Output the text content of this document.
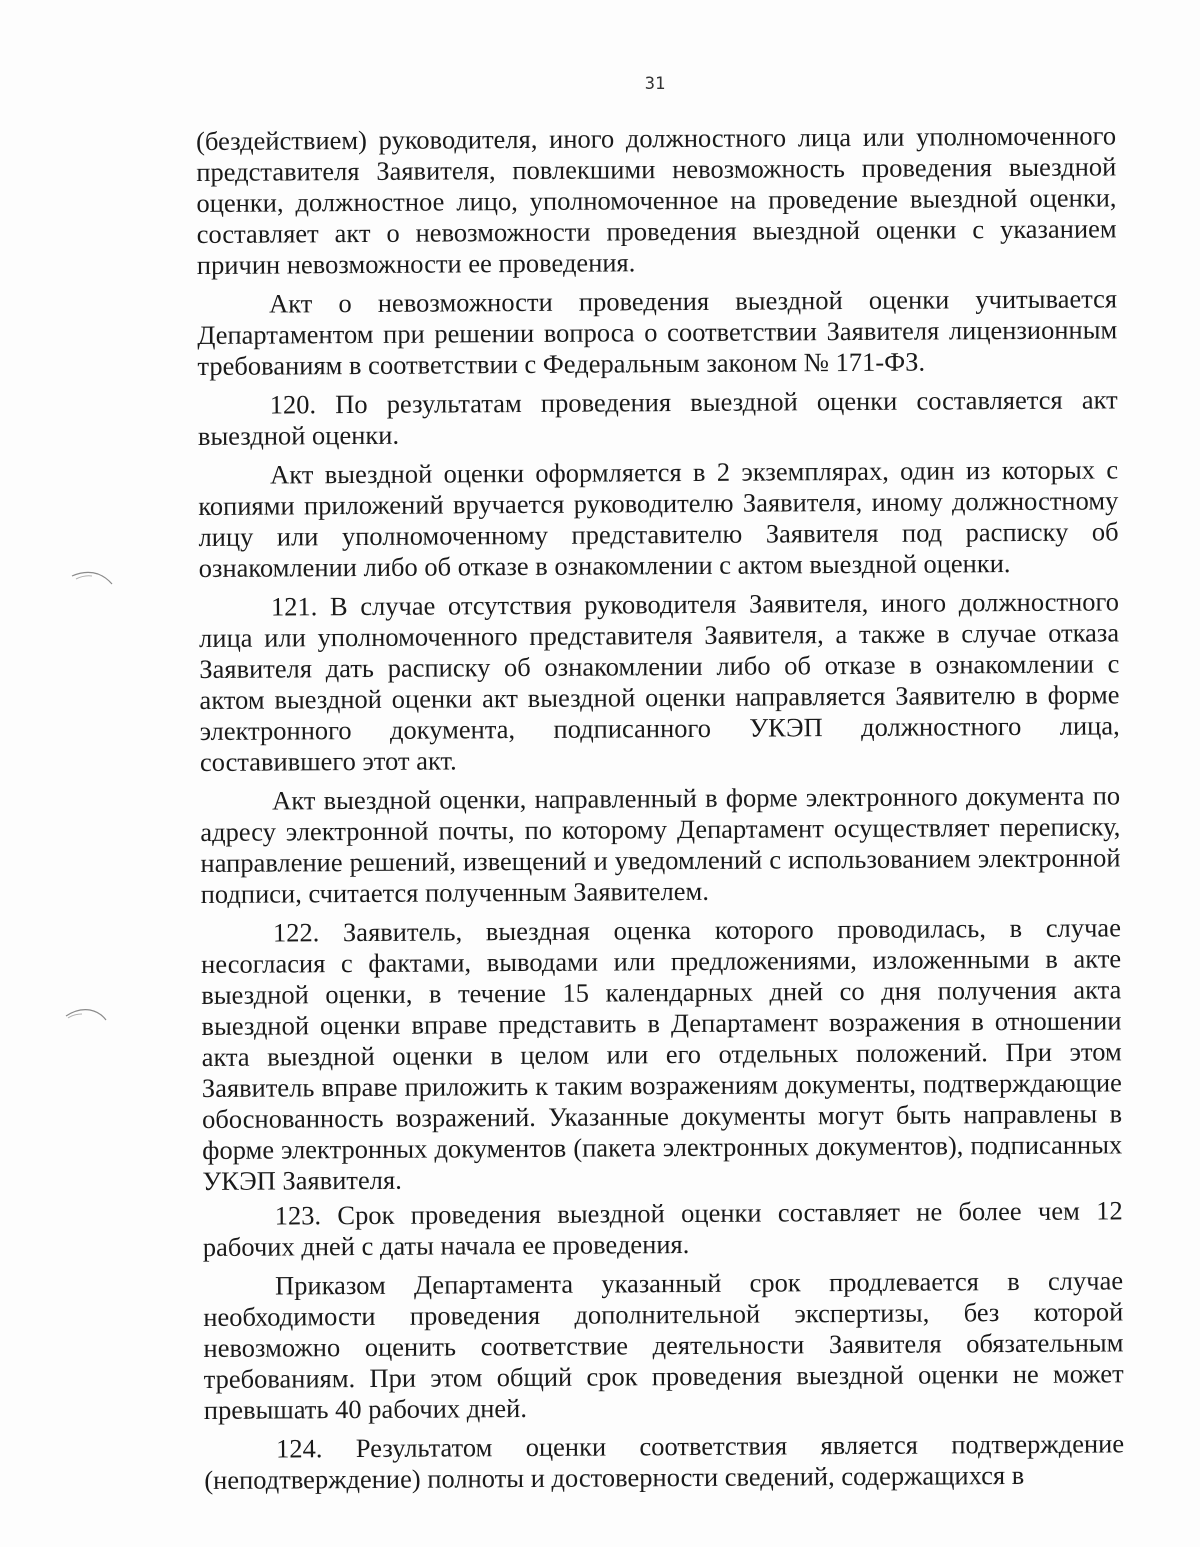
31

(бездействием) руководителя, иного должностного лица или уполномоченного представителя Заявителя, повлекшими невозможность проведения выездной оценки, должностное лицо, уполномоченное на проведение выездной оценки, составляет акт о невозможности проведения выездной оценки с указанием причин невозможности ее проведения.

Акт о невозможности проведения выездной оценки учитывается Департаментом при решении вопроса о соответствии Заявителя лицензионным требованиям в соответствии с Федеральным законом № 171-ФЗ.

120. По результатам проведения выездной оценки составляется акт выездной оценки.

Акт выездной оценки оформляется в 2 экземплярах, один из которых с копиями приложений вручается руководителю Заявителя, иному должностному лицу или уполномоченному представителю Заявителя под расписку об ознакомлении либо об отказе в ознакомлении с актом выездной оценки.

121. В случае отсутствия руководителя Заявителя, иного должностного лица или уполномоченного представителя Заявителя, а также в случае отказа Заявителя дать расписку об ознакомлении либо об отказе в ознакомлении с актом выездной оценки акт выездной оценки направляется Заявителю в форме электронного документа, подписанного УКЭП должностного лица, составившего этот акт.

Акт выездной оценки, направленный в форме электронного документа по адресу электронной почты, по которому Департамент осуществляет переписку, направление решений, извещений и уведомлений с использованием электронной подписи, считается полученным Заявителем.

122. Заявитель, выездная оценка которого проводилась, в случае несогласия с фактами, выводами или предложениями, изложенными в акте выездной оценки, в течение 15 календарных дней со дня получения акта выездной оценки вправе представить в Департамент возражения в отношении акта выездной оценки в целом или его отдельных положений. При этом Заявитель вправе приложить к таким возражениям документы, подтверждающие обоснованность возражений. Указанные документы могут быть направлены в форме электронных документов (пакета электронных документов), подписанных УКЭП Заявителя.

123. Срок проведения выездной оценки составляет не более чем 12 рабочих дней с даты начала ее проведения.

Приказом Департамента указанный срок продлевается в случае необходимости проведения дополнительной экспертизы, без которой невозможно оценить соответствие деятельности Заявителя обязательным требованиям. При этом общий срок проведения выездной оценки не может превышать 40 рабочих дней.

124. Результатом оценки соответствия является подтверждение (неподтверждение) полноты и достоверности сведений, содержащихся в
